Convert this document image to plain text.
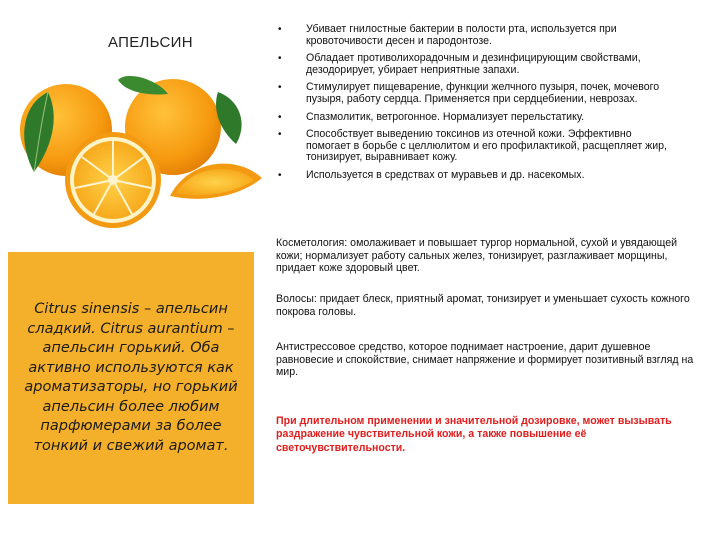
АПЕЛЬСИН
Citrus sinensis – апельсин сладкий. Citrus aurantium – апельсин горький. Оба активно используются как ароматизаторы, но горький апельсин более любим парфюмерами за более тонкий и свежий аромат.
• Убивает гнилостные бактерии в полости рта, используется при кровоточивости десен и пародонтозе.
• Обладает противолихорадочным и дезинфицирующим свойствами, дезодорирует, убирает неприятные запахи.
• Стимулирует пищеварение, функции желчного пузыря, почек, мочевого пузыря, работу сердца. Применяется при сердцебиении, неврозах.
• Спазмолитик, ветрогонное. Нормализует перельстатику.
• Способствует выведению токсинов из отечной кожи. Эффективно помогает в борьбе с целлюлитом и его профилактикой, расщепляет жир, тонизирует, выравнивает кожу.
• Используется в средствах от муравьев и др. насекомых.

Косметология: омолаживает и повышает тургор нормальной, сухой и увядающей кожи; нормализует работу сальных желез, тонизирует, разглаживает морщины, придает коже здоровый цвет.

Волосы: придает блеск, приятный аромат, тонизирует и уменьшает сухость кожного покрова головы.

Антистрессовое средство, которое поднимает настроение, дарит душевное равновесие и спокойствие, снимает напряжение и формирует позитивный взгляд на мир.

При длительном применении и значительной дозировке, может вызывать раздражение чувствительной кожи, а также повышение её светочувствительности.
